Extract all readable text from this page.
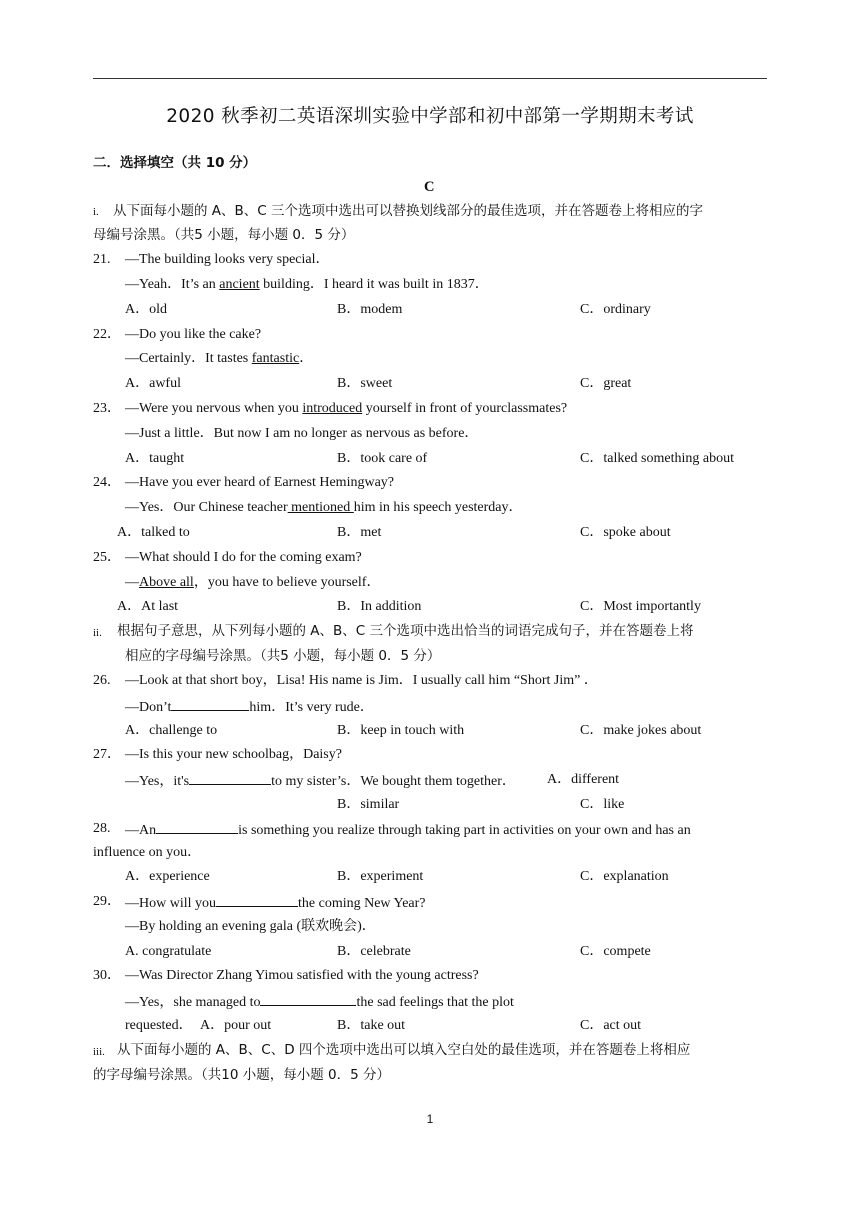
2020 秋季初二英语深圳实验中学部和初中部第一学期期末考试
二．选择填空（共 10 分）
C
i. 从下面每小题的 A、B、C 三个选项中选出可以替换划线部分的最佳选项，并在答题卷上将相应的字
母编号涂黑。（共5 小题，每小题 0．5 分）
21. —The building looks very special．
—Yeah．It’s an ancient building．I heard it was built in 1837．
A．old	B．modem	C．ordinary
22． —Do you like the cake?
—Certainly．It tastes fantastic．
A．awful	B．sweet	C．great
23． —Were you nervous when you introduced yourself in front of yourclassmates?
—Just a little．But now I am no longer as nervous as before．
A．taught	B．took care of	C．talked something about
24． —Have you ever heard of Earnest Hemingway?
—Yes．Our Chinese teacher mentioned him in his speech yesterday．
A．talked to	B．met	C．spoke about
25． —What should I do for the coming exam?
—Above all，you have to believe yourself．
A．At last	B．In addition	C．Most importantly
ii. 根据句子意思，从下列每小题的 A、B、C 三个选项中选出恰当的词语完成句子，并在答题卷上将
相应的字母编号涂黑。（共5 小题，每小题 0．5 分）
26. —Look at that short boy，Lisa! His name is Jim．I usually call him “Short Jim” ．
—Don’t	him．It’s very rude．
A．challenge to	B．keep in touch with	C．make jokes about
27． —Is this your new schoolbag，Daisy?
—Yes，it's	to my sister’s．We bought them together． A．different
B．similar	C．like
28. —An	is something you realize through taking part in activities on your own and has an
influence on you．
A．experience	B．experiment	C．explanation
29． —How will you	the coming New Year?
—By holding an evening gala (联欢晚会)．
A. congratulate	B．celebrate	C．compete
30． —Was Director Zhang Yimou satisfied with the young actress?
—Yes，she managed to	the sad feelings that the plot
requested． A．pour out	B．take out	C．act out
iii. 从下面每小题的 A、B、C、D 四个选项中选出可以填入空白处的最佳选项，并在答题卷上将相应
的字母编号涂黑。（共10 小题，每小题 0．5 分）
1
